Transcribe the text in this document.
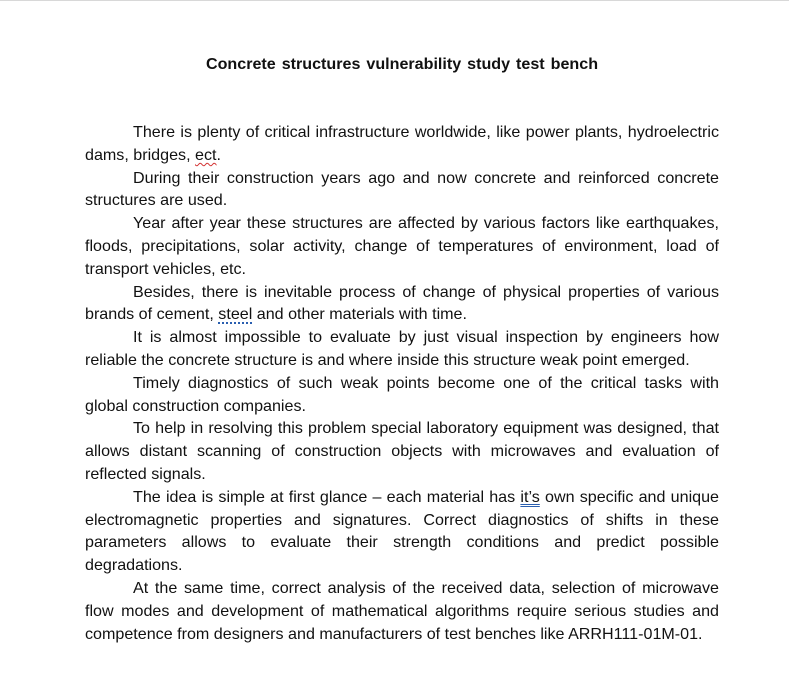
Concrete structures vulnerability study test bench

There is plenty of critical infrastructure worldwide, like power plants, hydroelectric dams, bridges, ect.

During their construction years ago and now concrete and reinforced concrete structures are used.

Year after year these structures are affected by various factors like earthquakes, floods, precipitations, solar activity, change of temperatures of environment, load of transport vehicles, etc.

Besides, there is inevitable process of change of physical properties of various brands of cement, steel and other materials with time.

It is almost impossible to evaluate by just visual inspection by engineers how reliable the concrete structure is and where inside this structure weak point emerged.

Timely diagnostics of such weak points become one of the critical tasks with global construction companies.

To help in resolving this problem special laboratory equipment was designed, that allows distant scanning of construction objects with microwaves and evaluation of reflected signals.

The idea is simple at first glance – each material has it’s own specific and unique electromagnetic properties and signatures. Correct diagnostics of shifts in these parameters allows to evaluate their strength conditions and predict possible degradations.

At the same time, correct analysis of the received data, selection of microwave flow modes and development of mathematical algorithms require serious studies and competence from designers and manufacturers of test benches like ARRH111-01M-01.
